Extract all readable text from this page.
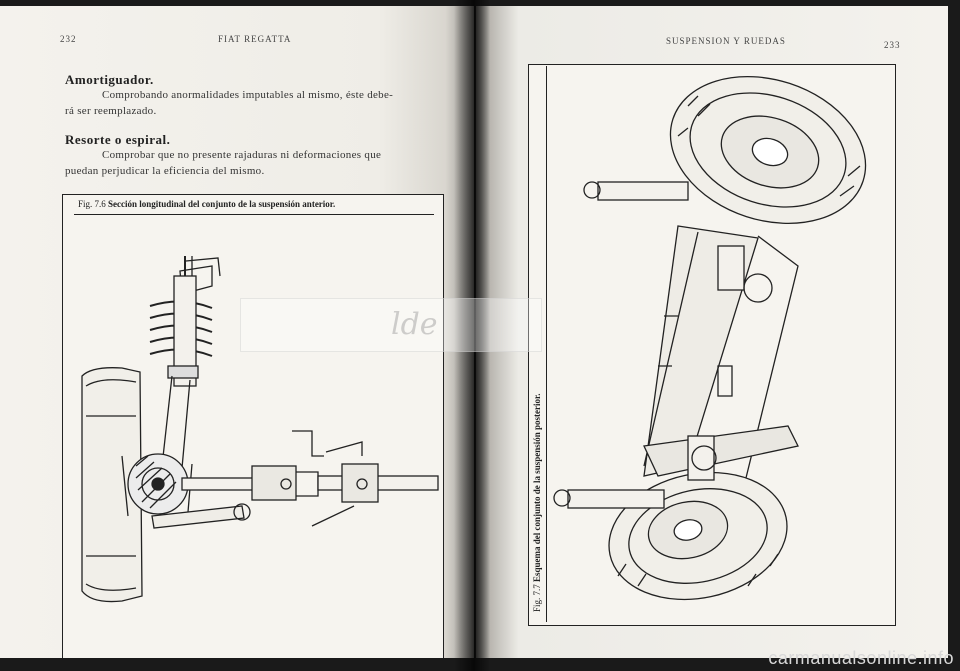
232	FIAT REGATTA
Amortiguador.
Comprobando anormalidades imputables al mismo, éste debe-
rá ser reemplazado.
Resorte o espiral.
Comprobar que no presente rajaduras ni deformaciones que
puedan perjudicar la eficiencia del mismo.
Fig. 7.6 Sección longitudinal del conjunto de la suspensión anterior.
SUSPENSION Y RUEDAS	233
Fig. 7.7 Esquema del conjunto de la suspensión posterior.
lde
carmanualsonline.info
